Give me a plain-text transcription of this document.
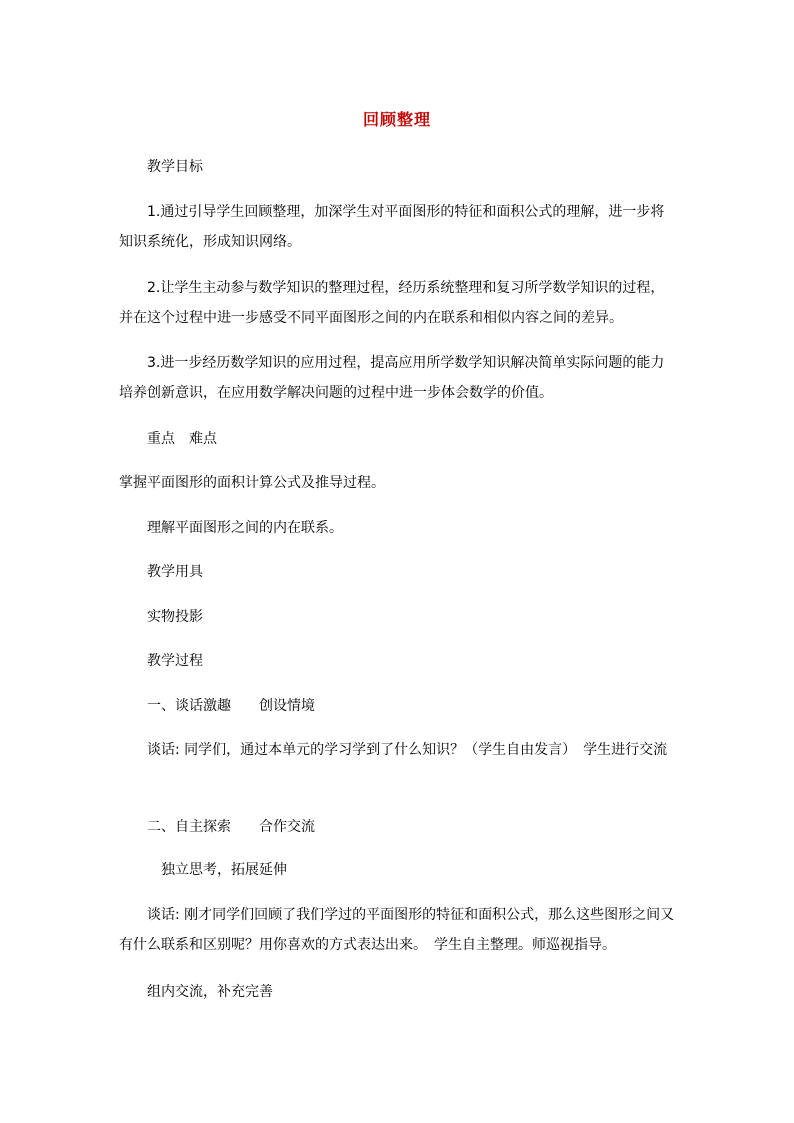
回顾整理
教学目标
1.通过引导学生回顾整理，加深学生对平面图形的特征和面积公式的理解，进一步将知识系统化，形成知识网络。
2.让学生主动参与数学知识的整理过程，经历系统整理和复习所学数学知识的过程，并在这个过程中进一步感受不同平面图形之间的内在联系和相似内容之间的差异。
3.进一步经历数学知识的应用过程，提高应用所学数学知识解决简单实际问题的能力培养创新意识，在应用数学解决问题的过程中进一步体会数学的价值。
重点　难点
掌握平面图形的面积计算公式及推导过程。
理解平面图形之间的内在联系。
教学用具
实物投影
教学过程
一、谈话激趣　　创设情境
谈话: 同学们，通过本单元的学习学到了什么知识？（学生自由发言）　学生进行交流
二、自主探索　　合作交流
　独立思考，拓展延伸
谈话: 刚才同学们回顾了我们学过的平面图形的特征和面积公式，那么这些图形之间又有什么联系和区别呢？用你喜欢的方式表达出来。　学生自主整理。师巡视指导。
组内交流，补充完善
